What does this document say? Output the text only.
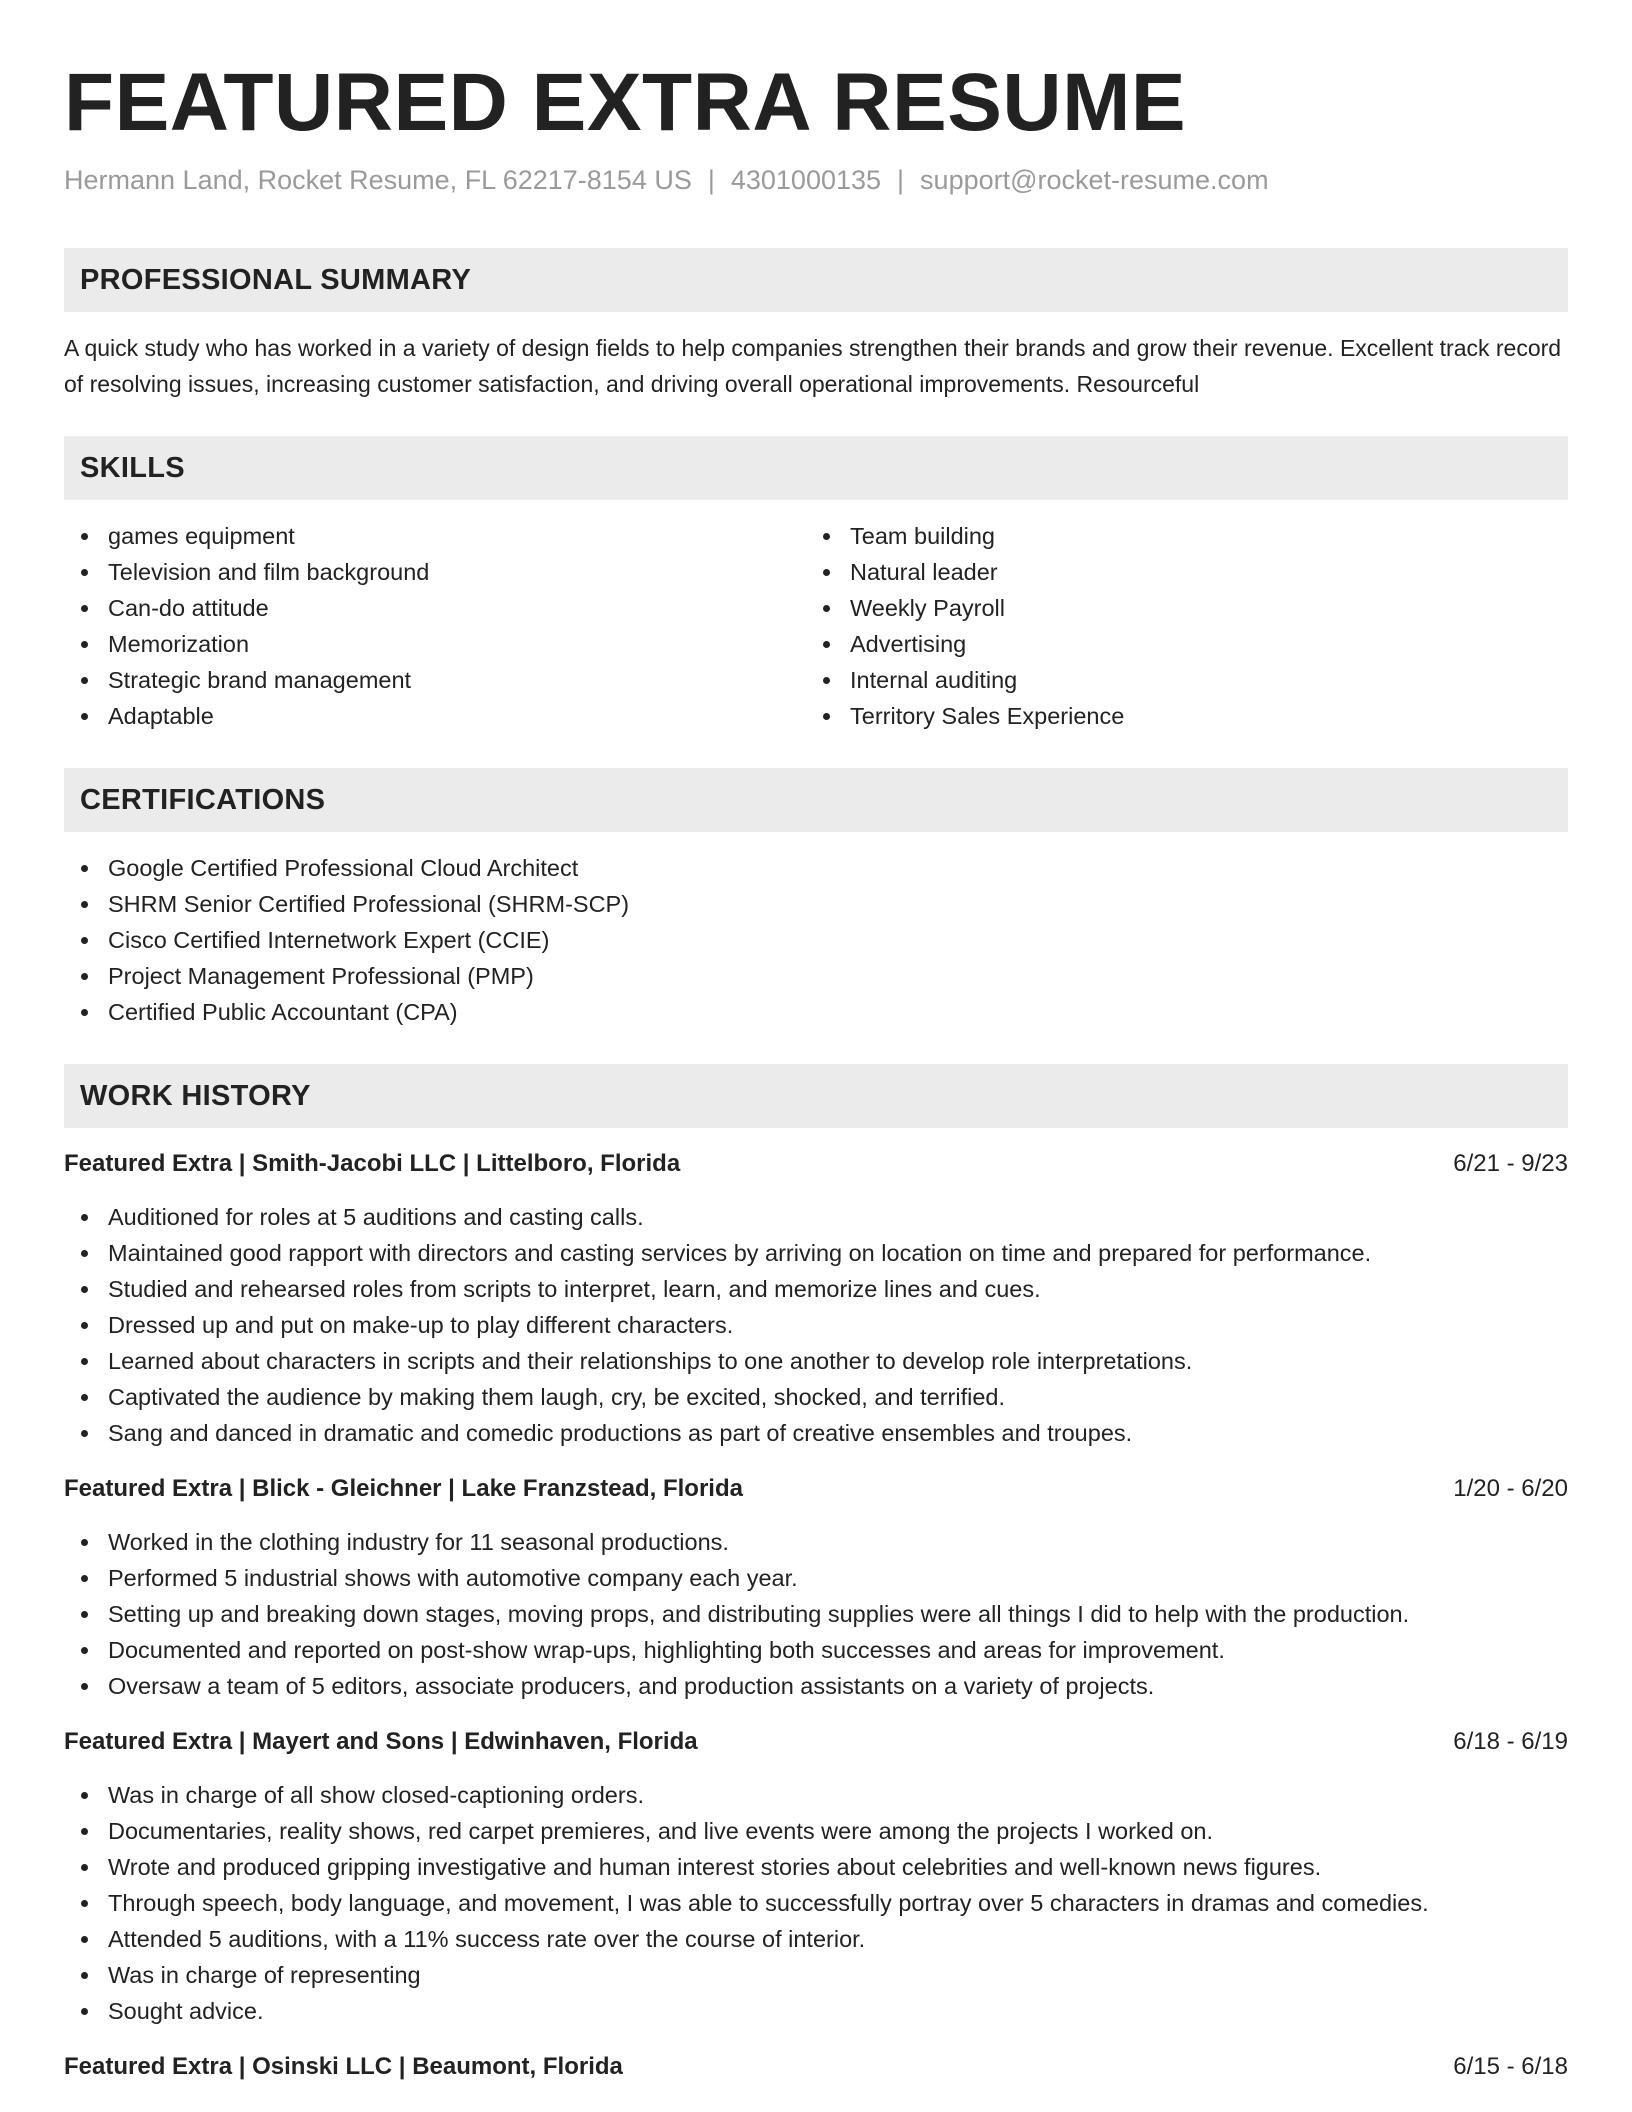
FEATURED EXTRA RESUME
Hermann Land, Rocket Resume, FL 62217-8154 US | 4301000135 | support@rocket-resume.com
PROFESSIONAL SUMMARY
A quick study who has worked in a variety of design fields to help companies strengthen their brands and grow their revenue. Excellent track record of resolving issues, increasing customer satisfaction, and driving overall operational improvements. Resourceful
SKILLS
games equipment
Television and film background
Can-do attitude
Memorization
Strategic brand management
Adaptable
Team building
Natural leader
Weekly Payroll
Advertising
Internal auditing
Territory Sales Experience
CERTIFICATIONS
Google Certified Professional Cloud Architect
SHRM Senior Certified Professional (SHRM-SCP)
Cisco Certified Internetwork Expert (CCIE)
Project Management Professional (PMP)
Certified Public Accountant (CPA)
WORK HISTORY
Featured Extra | Smith-Jacobi LLC | Littelboro, Florida	6/21 - 9/23
Auditioned for roles at 5 auditions and casting calls.
Maintained good rapport with directors and casting services by arriving on location on time and prepared for performance.
Studied and rehearsed roles from scripts to interpret, learn, and memorize lines and cues.
Dressed up and put on make-up to play different characters.
Learned about characters in scripts and their relationships to one another to develop role interpretations.
Captivated the audience by making them laugh, cry, be excited, shocked, and terrified.
Sang and danced in dramatic and comedic productions as part of creative ensembles and troupes.
Featured Extra | Blick - Gleichner | Lake Franzstead, Florida	1/20 - 6/20
Worked in the clothing industry for 11 seasonal productions.
Performed 5 industrial shows with automotive company each year.
Setting up and breaking down stages, moving props, and distributing supplies were all things I did to help with the production.
Documented and reported on post-show wrap-ups, highlighting both successes and areas for improvement.
Oversaw a team of 5 editors, associate producers, and production assistants on a variety of projects.
Featured Extra | Mayert and Sons | Edwinhaven, Florida	6/18 - 6/19
Was in charge of all show closed-captioning orders.
Documentaries, reality shows, red carpet premieres, and live events were among the projects I worked on.
Wrote and produced gripping investigative and human interest stories about celebrities and well-known news figures.
Through speech, body language, and movement, I was able to successfully portray over 5 characters in dramas and comedies.
Attended 5 auditions, with a 11% success rate over the course of interior.
Was in charge of representing
Sought advice.
Featured Extra | Osinski LLC | Beaumont, Florida	6/15 - 6/18
